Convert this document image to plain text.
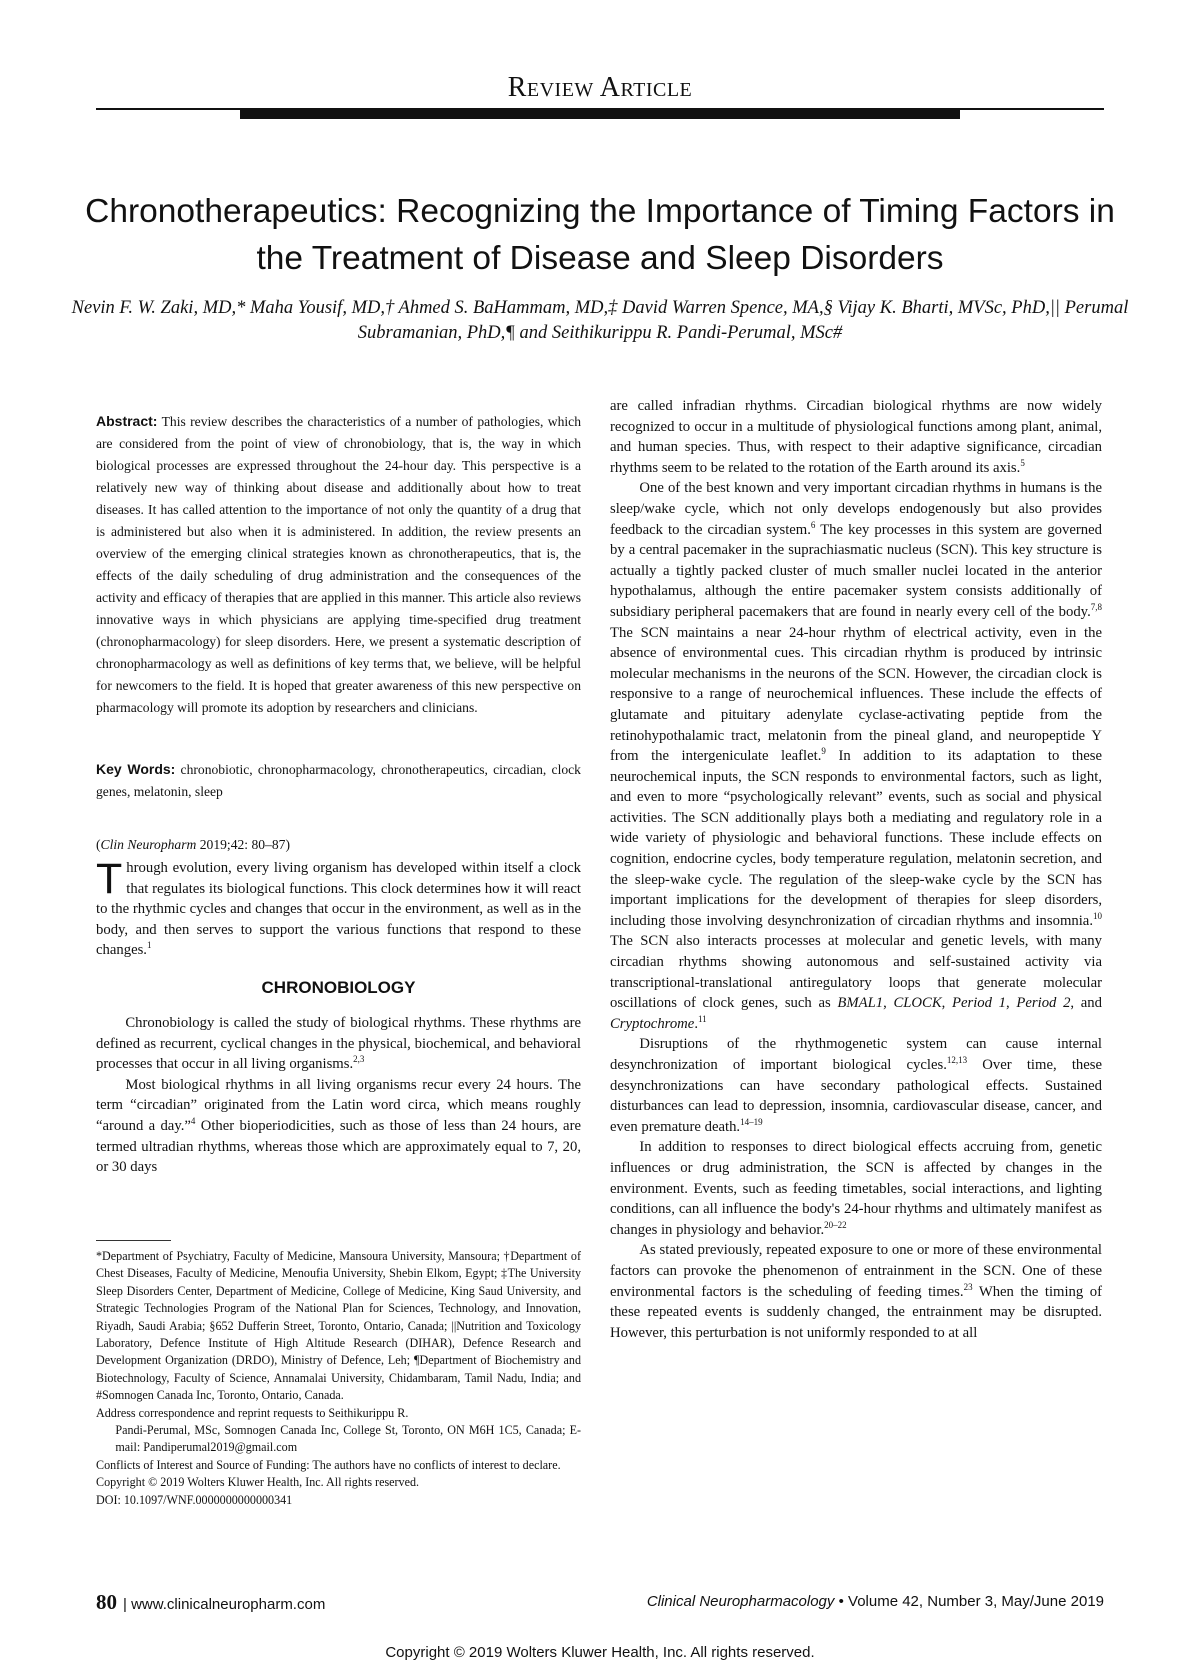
Review Article
Chronotherapeutics: Recognizing the Importance of Timing Factors in the Treatment of Disease and Sleep Disorders
Nevin F. W. Zaki, MD,* Maha Yousif, MD,† Ahmed S. BaHammam, MD,‡ David Warren Spence, MA,§ Vijay K. Bharti, MVSc, PhD,|| Perumal Subramanian, PhD,¶ and Seithikurippu R. Pandi-Perumal, MSc#
Abstract: This review describes the characteristics of a number of pathologies, which are considered from the point of view of chronobiology, that is, the way in which biological processes are expressed throughout the 24-hour day. This perspective is a relatively new way of thinking about disease and additionally about how to treat diseases. It has called attention to the importance of not only the quantity of a drug that is administered but also when it is administered. In addition, the review presents an overview of the emerging clinical strategies known as chronotherapeutics, that is, the effects of the daily scheduling of drug administration and the consequences of the activity and efficacy of therapies that are applied in this manner. This article also reviews innovative ways in which physicians are applying time-specified drug treatment (chronopharmacology) for sleep disorders. Here, we present a systematic description of chronopharmacology as well as definitions of key terms that, we believe, will be helpful for newcomers to the field. It is hoped that greater awareness of this new perspective on pharmacology will promote its adoption by researchers and clinicians.
Key Words: chronobiotic, chronopharmacology, chronotherapeutics, circadian, clock genes, melatonin, sleep
(Clin Neuropharm 2019;42: 80–87)

Through evolution, every living organism has developed within itself a clock that regulates its biological functions. This clock determines how it will react to the rhythmic cycles and changes that occur in the environment, as well as in the body, and then serves to support the various functions that respond to these changes.$^1$

CHRONOBIOLOGY

Chronobiology is called the study of biological rhythms. These rhythms are defined as recurrent, cyclical changes in the physical, biochemical, and behavioral processes that occur in all living organisms.$^{2,3}$

Most biological rhythms in all living organisms recur every 24 hours. The term “circadian” originated from the Latin word circa, which means roughly “around a day.”$^4$ Other bioperiodicities, such as those of less than 24 hours, are termed ultradian rhythms, whereas those which are approximately equal to 7, 20, or 30 days

*Department of Psychiatry, Faculty of Medicine, Mansoura University, Mansoura; †Department of Chest Diseases, Faculty of Medicine, Menoufia University, Shebin Elkom, Egypt; ‡The University Sleep Disorders Center, Department of Medicine, College of Medicine, King Saud University, and Strategic Technologies Program of the National Plan for Sciences, Technology, and Innovation, Riyadh, Saudi Arabia; §652 Dufferin Street, Toronto, Ontario, Canada; ||Nutrition and Toxicology Laboratory, Defence Institute of High Altitude Research (DIHAR), Defence Research and Development Organization (DRDO), Ministry of Defence, Leh; ¶Department of Biochemistry and Biotechnology, Faculty of Science, Annamalai University, Chidambaram, Tamil Nadu, India; and #Somnogen Canada Inc, Toronto, Ontario, Canada.

Address correspondence and reprint requests to Seithikurippu R.

Pandi-Perumal, MSc, Somnogen Canada Inc, College St, Toronto, ON M6H 1C5, Canada; E-mail: Pandiperumal2019@gmail.com

Conflicts of Interest and Source of Funding: The authors have no conflicts of interest to declare.

Copyright © 2019 Wolters Kluwer Health, Inc. All rights reserved.

DOI: 10.1097/WNF.0000000000000341

are called infradian rhythms. Circadian biological rhythms are now widely recognized to occur in a multitude of physiological functions among plant, animal, and human species. Thus, with respect to their adaptive significance, circadian rhythms seem to be related to the rotation of the Earth around its axis.$^5$

One of the best known and very important circadian rhythms in humans is the sleep/wake cycle, which not only develops endogenously but also provides feedback to the circadian system.$^6$ The key processes in this system are governed by a central pacemaker in the suprachiasmatic nucleus (SCN). This key structure is actually a tightly packed cluster of much smaller nuclei located in the anterior hypothalamus, although the entire pacemaker system consists additionally of subsidiary peripheral pacemakers that are found in nearly every cell of the body.$^{7,8}$ The SCN maintains a near 24-hour rhythm of electrical activity, even in the absence of environmental cues. This circadian rhythm is produced by intrinsic molecular mechanisms in the neurons of the SCN. However, the circadian clock is responsive to a range of neurochemical influences. These include the effects of glutamate and pituitary adenylate cyclase-activating peptide from the retinohypothalamic tract, melatonin from the pineal gland, and neuropeptide Y from the intergeniculate leaflet.$^9$ In addition to its adaptation to these neurochemical inputs, the SCN responds to environmental factors, such as light, and even to more “psychologically relevant” events, such as social and physical activities. The SCN additionally plays both a mediating and regulatory role in a wide variety of physiologic and behavioral functions. These include effects on cognition, endocrine cycles, body temperature regulation, melatonin secretion, and the sleep-wake cycle. The regulation of the sleep-wake cycle by the SCN has important implications for the development of therapies for sleep disorders, including those involving desynchronization of circadian rhythms and insomnia.$^{10}$ The SCN also interacts processes at molecular and genetic levels, with many circadian rhythms showing autonomous and self-sustained activity via transcriptional-translational antiregulatory loops that generate molecular oscillations of clock genes, such as BMAL1, CLOCK, Period 1, Period 2, and Cryptochrome.$^{11}$

Disruptions of the rhythmogenetic system can cause internal desynchronization of important biological cycles.$^{12,13}$ Over time, these desynchronizations can have secondary pathological effects. Sustained disturbances can lead to depression, insomnia, cardiovascular disease, cancer, and even premature death.$^{14-19}$

In addition to responses to direct biological effects accruing from, genetic influences or drug administration, the SCN is affected by changes in the environment. Events, such as feeding timetables, social interactions, and lighting conditions, can all influence the body's 24-hour rhythms and ultimately manifest as changes in physiology and behavior.$^{20-22}$

As stated previously, repeated exposure to one or more of these environmental factors can provoke the phenomenon of entrainment in the SCN. One of these environmental factors is the scheduling of feeding times.$^{23}$ When the timing of these repeated events is suddenly changed, the entrainment may be disrupted. However, this perturbation is not uniformly responded to at all

80 | www.clinicalneuropharm.com	Clinical Neuropharmacology • Volume 42, Number 3, May/June 2019
Copyright © 2019 Wolters Kluwer Health, Inc. All rights reserved.
